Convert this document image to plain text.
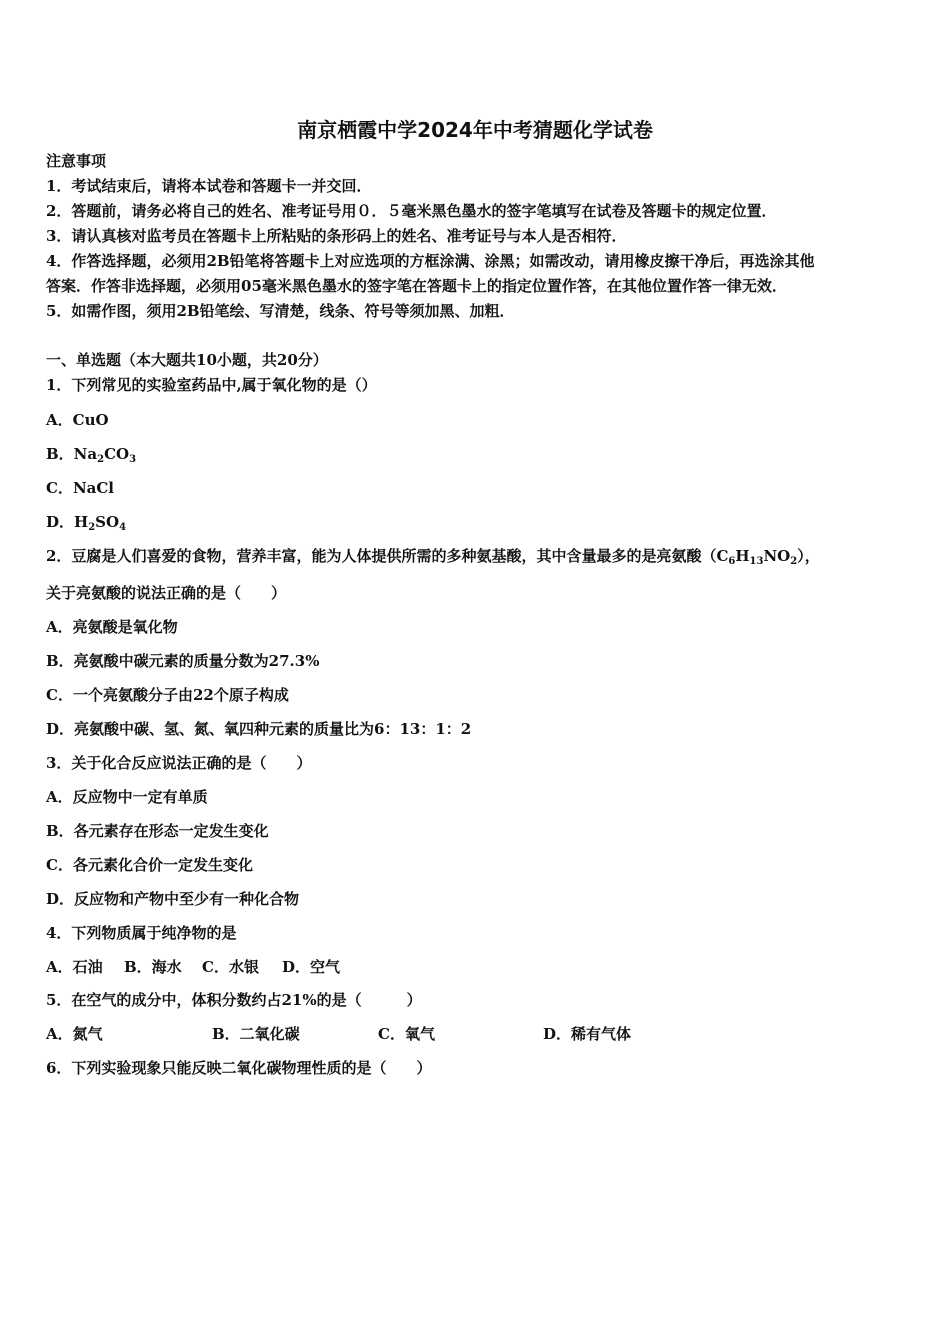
南京栖霞中学2024年中考猜题化学试卷
注意事项
1．考试结束后，请将本试卷和答题卡一并交回．
2．答题前，请务必将自己的姓名、准考证号用０．５毫米黑色墨水的签字笔填写在试卷及答题卡的规定位置．
3．请认真核对监考员在答题卡上所粘贴的条形码上的姓名、准考证号与本人是否相符．
4．作答选择题，必须用2B铅笔将答题卡上对应选项的方框涂满、涂黑；如需改动，请用橡皮擦干净后，再选涂其他
答案．作答非选择题，必须用05毫米黑色墨水的签字笔在答题卡上的指定位置作答，在其他位置作答一律无效．
5．如需作图，须用2B铅笔绘、写清楚，线条、符号等须加黑、加粗．
一、单选题（本大题共10小题，共20分）
1．下列常见的实验室药品中,属于氧化物的是（）
A．CuO
B．$Na_2CO_3$
C．NaCl
D．$H_2SO_4$
2．豆腐是人们喜爱的食物，营养丰富，能为人体提供所需的多种氨基酸，其中含量最多的是亮氨酸$(C_6H_{13}NO_2)$，
关于亮氨酸的说法正确的是（　　）
A．亮氨酸是氧化物
B．亮氨酸中碳元素的质量分数为27.3%
C．一个亮氨酸分子由22个原子构成
D．亮氨酸中碳、氢、氮、氧四种元素的质量比为6：13：1：2
3．关于化合反应说法正确的是（　　）
A．反应物中一定有单质
B．各元素存在形态一定发生变化
C．各元素化合价一定发生变化
D．反应物和产物中至少有一种化合物
4．下列物质属于纯净物的是
A．石油 B．海水 C．水银 D．空气
5．在空气的成分中，体积分数约占21%的是（　　　）
A．氮气	B．二氧化碳	C．氧气	D．稀有气体
6．下列实验现象只能反映二氧化碳物理性质的是（　　）
